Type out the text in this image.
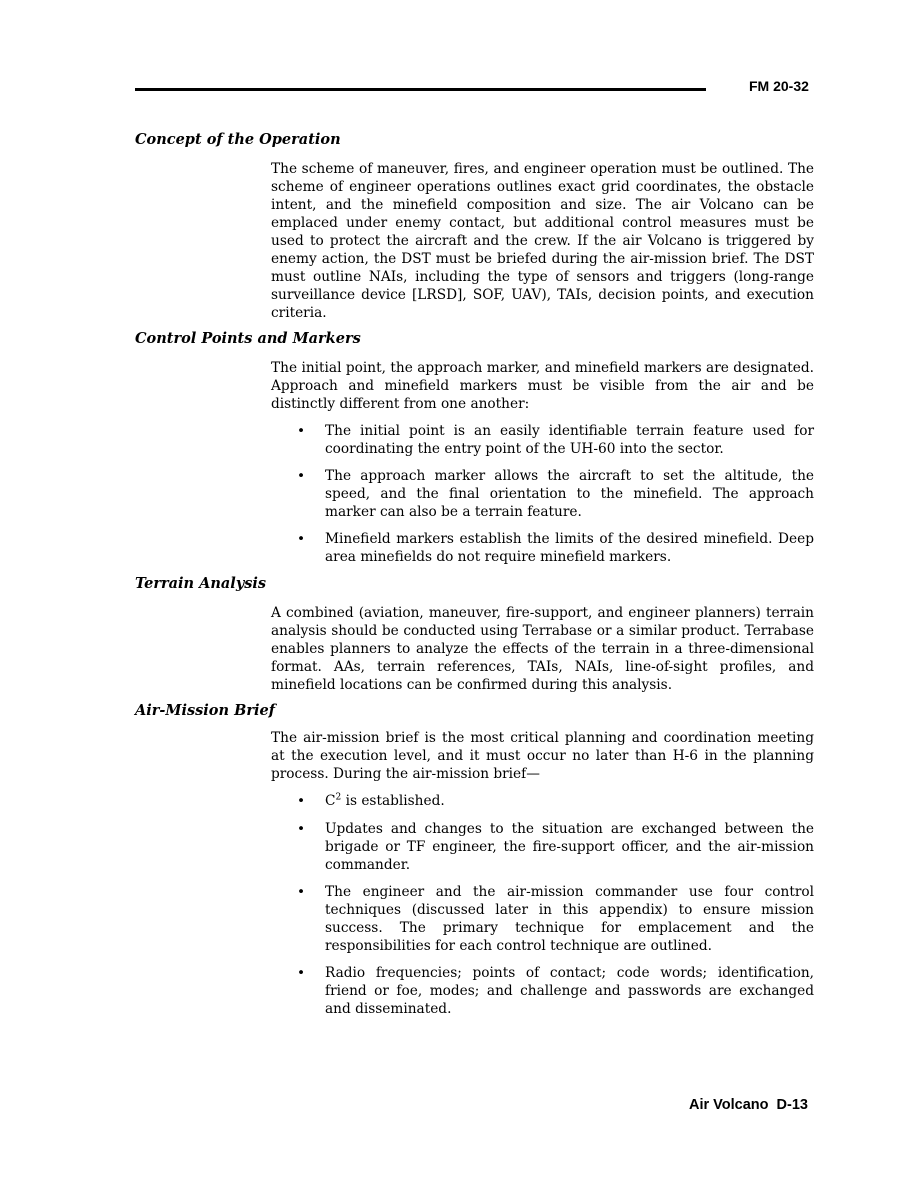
FM 20-32
Concept of the Operation

The scheme of maneuver, fires, and engineer operation must be outlined. The scheme of engineer operations outlines exact grid coordinates, the obstacle intent, and the minefield composition and size. The air Volcano can be emplaced under enemy contact, but additional control measures must be used to protect the aircraft and the crew. If the air Volcano is triggered by enemy action, the DST must be briefed during the air-mission brief. The DST must outline NAIs, including the type of sensors and triggers (long-range surveillance device [LRSD], SOF, UAV), TAIs, decision points, and execution criteria.

Control Points and Markers

The initial point, the approach marker, and minefield markers are designated. Approach and minefield markers must be visible from the air and be distinctly different from one another:

• The initial point is an easily identifiable terrain feature used for coordinating the entry point of the UH-60 into the sector.
• The approach marker allows the aircraft to set the altitude, the speed, and the final orientation to the minefield. The approach marker can also be a terrain feature.
• Minefield markers establish the limits of the desired minefield. Deep area minefields do not require minefield markers.
Terrain Analysis

A combined (aviation, maneuver, fire-support, and engineer planners) terrain analysis should be conducted using Terrabase or a similar product. Terrabase enables planners to analyze the effects of the terrain in a three-dimensional format. AAs, terrain references, TAIs, NAIs, line-of-sight profiles, and minefield locations can be confirmed during this analysis.

Air-Mission Brief

The air-mission brief is the most critical planning and coordination meeting at the execution level, and it must occur no later than H-6 in the planning process. During the air-mission brief—

• $C^2$ is established.
• Updates and changes to the situation are exchanged between the brigade or TF engineer, the fire-support officer, and the air-mission commander.
• The engineer and the air-mission commander use four control techniques (discussed later in this appendix) to ensure mission success. The primary technique for emplacement and the responsibilities for each control technique are outlined.
• Radio frequencies; points of contact; code words; identification, friend or foe, modes; and challenge and passwords are exchanged and disseminated.
Air Volcano  D-13
